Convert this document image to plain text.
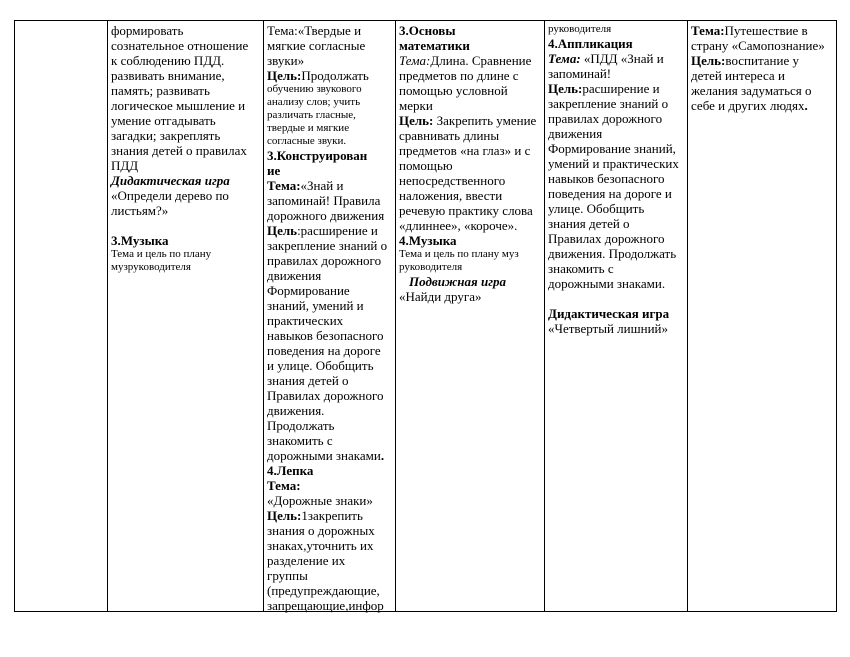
формировать
сознательное отношение
к соблюдению ПДД.
развивать внимание,
память; развивать
логическое мышление и
умение отгадывать
загадки; закреплять
знания детей о правилах
ПДД
Дидактическая игра
«Определи дерево по
листьям?»
3.Музыка
Тема и цель по плану
музруководителя
Тема:«Твердые и
мягкие согласные
звуки»
Цель:Продолжать
обучению звукового
анализу слов; учить
различать гласные,
твердые и мягкие
согласные звуки.
3.Конструирован
ие
Тема:«Знай и
запоминай! Правила
дорожного движения
Цель:расширение и
закрепление знаний о
правилах дорожного
движения
Формирование
знаний, умений и
практических
навыков безопасного
поведения на дороге
и улице. Обобщить
знания детей о
Правилах дорожного
движения.
Продолжать
знакомить с
дорожными знаками.
4.Лепка
Тема:
«Дорожные знаки»
Цель:1закрепить
знания о дорожных
знаках,уточнить их
разделение их
группы
(предупреждающие,
запрещающие,инфор
3.Основы
математики
Тема:Длина. Сравнение
предметов по длине с
помощью условной
мерки
Цель: Закрепить умение
сравнивать длины
предметов «на глаз» и с
помощью
непосредственного
наложения, ввести
речевую практику слова
«длиннее», «короче».
4.Музыка
Тема и цель по плану муз
руководителя
Подвижная игра
«Найди друга»
руководителя
4.Аппликация
Тема: «ПДД «Знай и
запоминай!
Цель:расширение и
закрепление знаний о
правилах дорожного
движения
Формирование знаний,
умений и практических
навыков безопасного
поведения на дороге и
улице. Обобщить
знания детей о
Правилах дорожного
движения. Продолжать
знакомить с
дорожными знаками.
Дидактическая игра
«Четвертый лишний»
Тема:Путешествие в
страну «Самопознание»
Цель:воспитание у
детей интереса и
желания задуматься о
себе и других людях.
